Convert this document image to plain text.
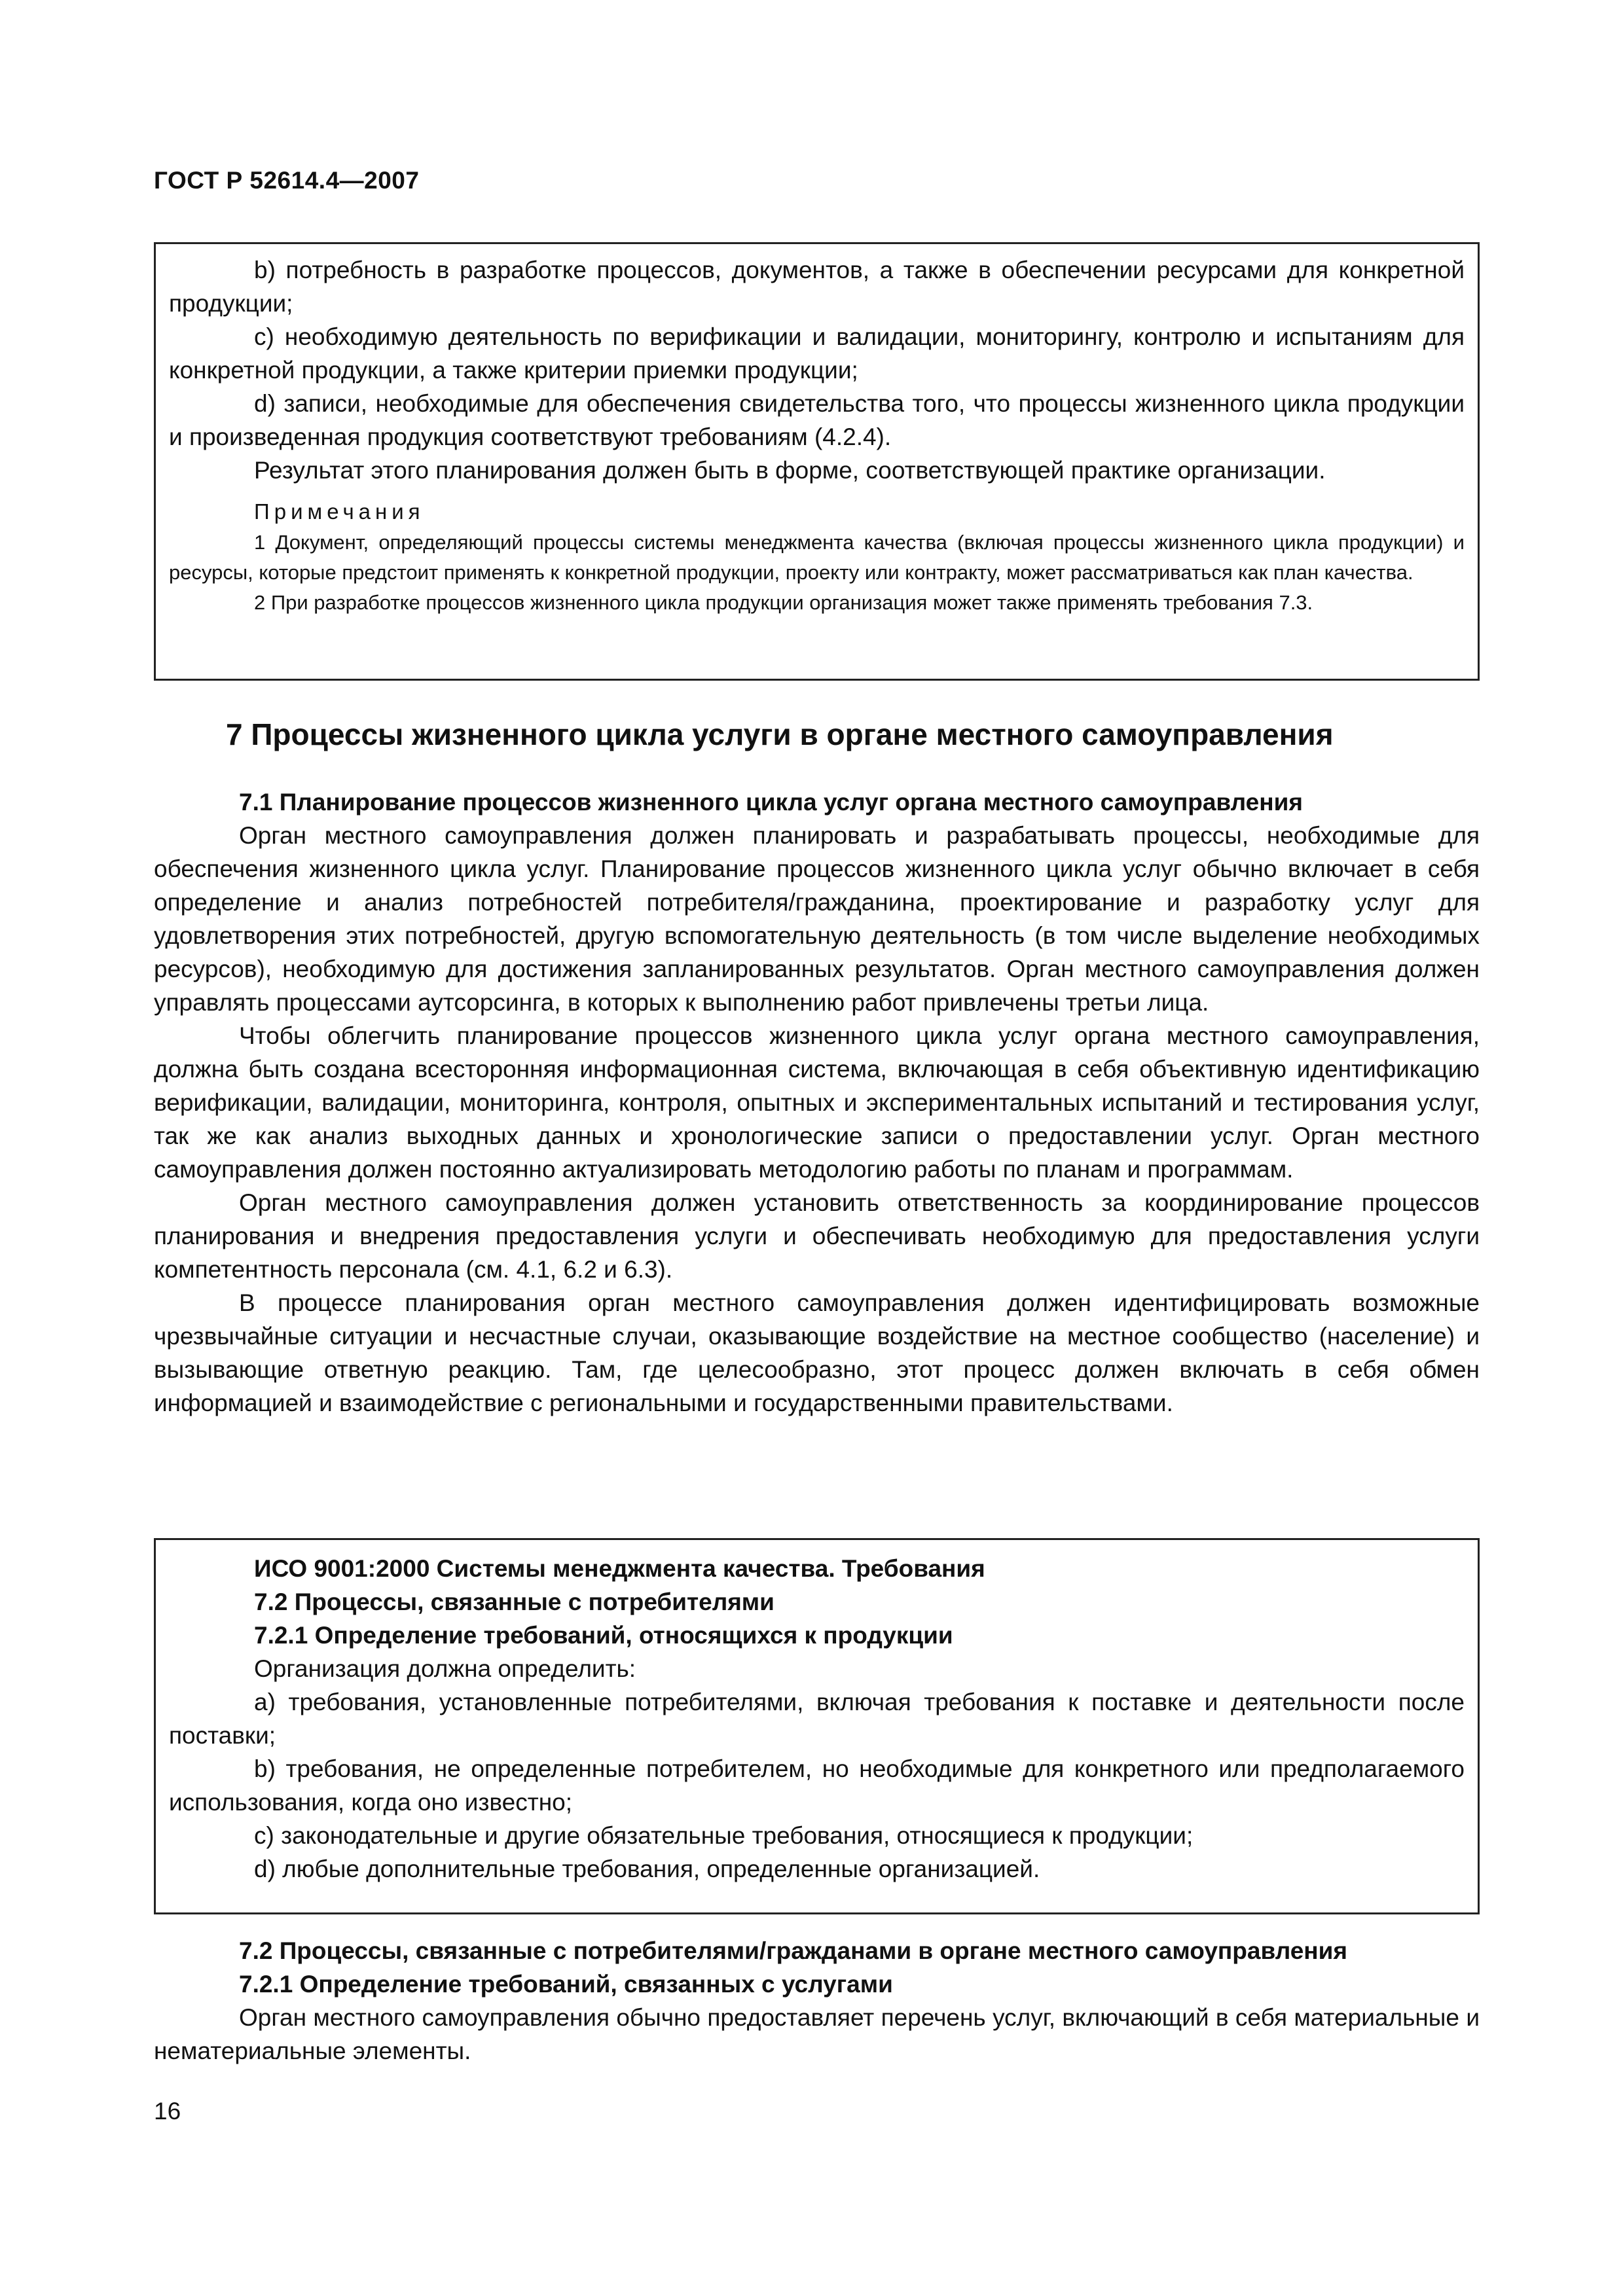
ГОСТ Р 52614.4—2007

b) потребность в разработке процессов, документов, а также в обеспечении ресурсами для конкретной продукции;

c) необходимую деятельность по верификации и валидации, мониторингу, контролю и испытаниям для конкретной продукции, а также критерии приемки продукции;

d) записи, необходимые для обеспечения свидетельства того, что процессы жизненного цикла продукции и произведенная продукция соответствуют требованиям (4.2.4).

Результат этого планирования должен быть в форме, соответствующей практике организации.

Примечания

1 Документ, определяющий процессы системы менеджмента качества (включая процессы жизненного цикла продукции) и ресурсы, которые предстоит применять к конкретной продукции, проекту или контракту, может рассматриваться как план качества.

2 При разработке процессов жизненного цикла продукции организация может также применять требования 7.3.

7 Процессы жизненного цикла услуги в органе местного самоуправления

7.1 Планирование процессов жизненного цикла услуг органа местного самоуправления

Орган местного самоуправления должен планировать и разрабатывать процессы, необходимые для обеспечения жизненного цикла услуг. Планирование процессов жизненного цикла услуг обычно включает в себя определение и анализ потребностей потребителя/гражданина, проектирование и разработку услуг для удовлетворения этих потребностей, другую вспомогательную деятельность (в том числе выделение необходимых ресурсов), необходимую для достижения запланированных результатов. Орган местного самоуправления должен управлять процессами аутсорсинга, в которых к выполнению работ привлечены третьи лица.

Чтобы облегчить планирование процессов жизненного цикла услуг органа местного самоуправления, должна быть создана всесторонняя информационная система, включающая в себя объективную идентификацию верификации, валидации, мониторинга, контроля, опытных и экспериментальных испытаний и тестирования услуг, так же как анализ выходных данных и хронологические записи о предоставлении услуг. Орган местного самоуправления должен постоянно актуализировать методологию работы по планам и программам.

Орган местного самоуправления должен установить ответственность за координирование процессов планирования и внедрения предоставления услуги и обеспечивать необходимую для предоставления услуги компетентность персонала (см. 4.1, 6.2 и 6.3).

В процессе планирования орган местного самоуправления должен идентифицировать возможные чрезвычайные ситуации и несчастные случаи, оказывающие воздействие на местное сообщество (население) и вызывающие ответную реакцию. Там, где целесообразно, этот процесс должен включать в себя обмен информацией и взаимодействие с региональными и государственными правительствами.

ИСО 9001:2000 Системы менеджмента качества. Требования

7.2 Процессы, связанные с потребителями

7.2.1 Определение требований, относящихся к продукции

Организация должна определить:

a) требования, установленные потребителями, включая требования к поставке и деятельности после поставки;

b) требования, не определенные потребителем, но необходимые для конкретного или предполагаемого использования, когда оно известно;

c) законодательные и другие обязательные требования, относящиеся к продукции;

d) любые дополнительные требования, определенные организацией.

7.2 Процессы, связанные с потребителями/гражданами в органе местного самоуправления

7.2.1 Определение требований, связанных с услугами

Орган местного самоуправления обычно предоставляет перечень услуг, включающий в себя материальные и нематериальные элементы.

16
